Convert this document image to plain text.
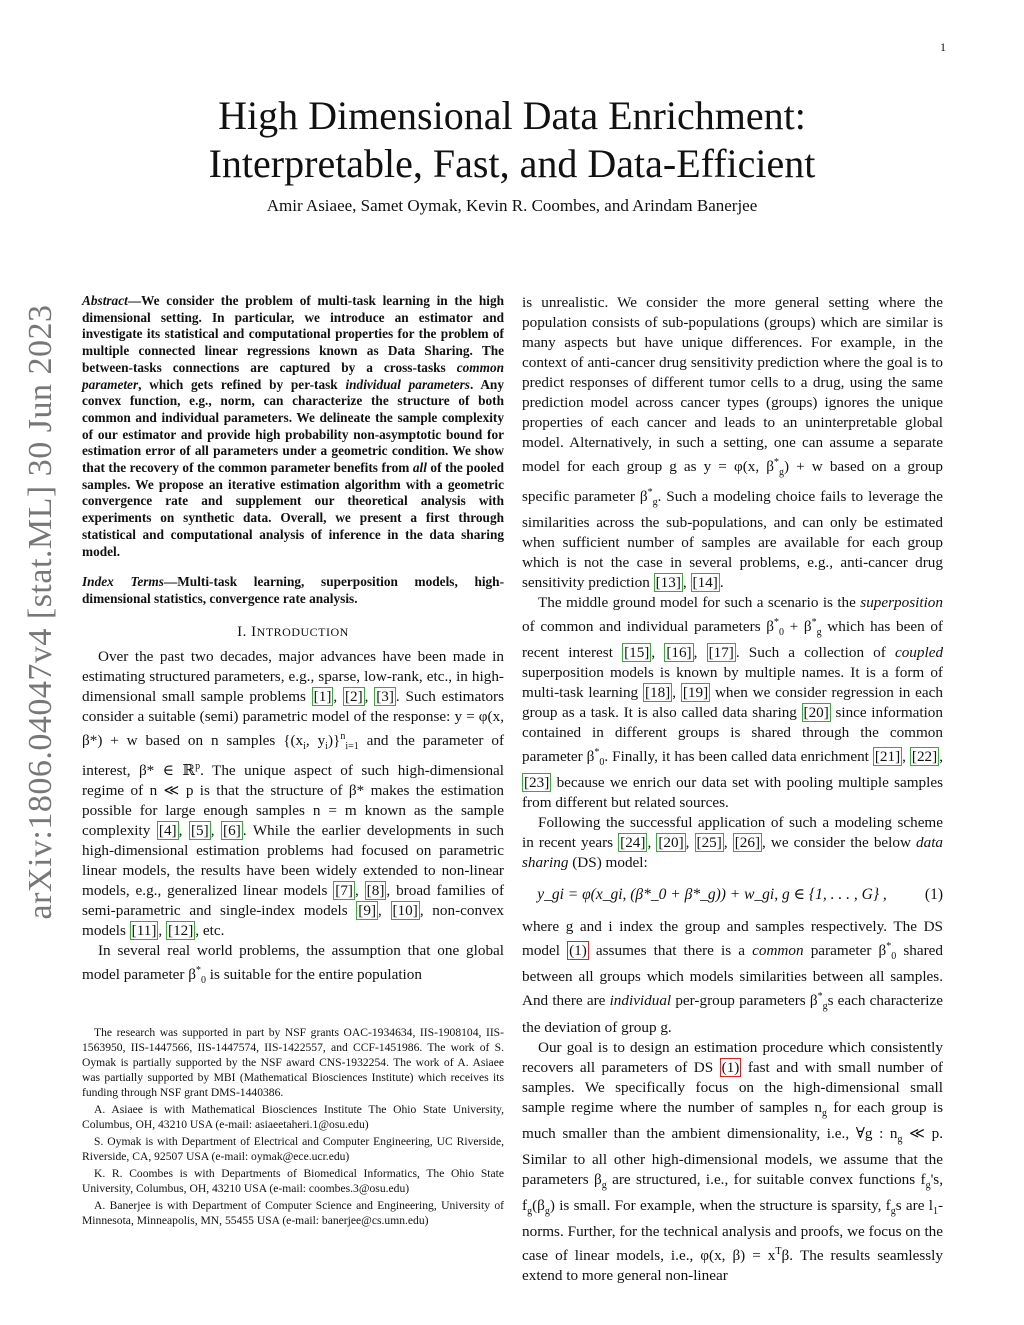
1
arXiv:1806.04047v4 [stat.ML] 30 Jun 2023
High Dimensional Data Enrichment:
Interpretable, Fast, and Data-Efficient
Amir Asiaee, Samet Oymak, Kevin R. Coombes, and Arindam Banerjee
Abstract—We consider the problem of multi-task learning in the high dimensional setting. In particular, we introduce an estimator and investigate its statistical and computational properties for the problem of multiple connected linear regressions known as Data Sharing. The between-tasks connections are captured by a cross-tasks common parameter, which gets refined by per-task individual parameters. Any convex function, e.g., norm, can characterize the structure of both common and individual parameters. We delineate the sample complexity of our estimator and provide high probability non-asymptotic bound for estimation error of all parameters under a geometric condition. We show that the recovery of the common parameter benefits from all of the pooled samples. We propose an iterative estimation algorithm with a geometric convergence rate and supplement our theoretical analysis with experiments on synthetic data. Overall, we present a first through statistical and computational analysis of inference in the data sharing model.
Index Terms—Multi-task learning, superposition models, high-dimensional statistics, convergence rate analysis.
I. INTRODUCTION

Over the past two decades, major advances have been made in estimating structured parameters, e.g., sparse, low-rank, etc., in high-dimensional small sample problems [1] , [2] , [3] . Such estimators consider a suitable (semi) parametric model of the response: y = φ(x, β*) + w based on n samples {($x_i$, $y_i)\}^n_{i=1}$ and the parameter of interest, β* ∈ ℝ$^p$. The unique aspect of such high-dimensional regime of n ≪ p is that the structure of β* makes the estimation possible for large enough samples n = m known as the sample complexity [4] , [5] , [6] . While the earlier developments in such high-dimensional estimation problems had focused on parametric linear models, the results have been widely extended to non-linear models, e.g., generalized linear models [7] , [8] , broad families of semi-parametric and single-index models [9] , [10] , non-convex models [11] , [12] , etc.

In several real world problems, the assumption that one global model parameter $\beta^*_0$ is suitable for the entire population

The research was supported in part by NSF grants OAC-1934634, IIS-1908104, IIS-1563950, IIS-1447566, IIS-1447574, IIS-1422557, and CCF-1451986. The work of S. Oymak is partially supported by the NSF award CNS-1932254. The work of A. Asiaee was partially supported by MBI (Mathematical Biosciences Institute) which receives its funding through NSF grant DMS-1440386.

A. Asiaee is with Mathematical Biosciences Institute The Ohio State University, Columbus, OH, 43210 USA (e-mail: asiaeetaheri.1@osu.edu)

S. Oymak is with Department of Electrical and Computer Engineering, UC Riverside, Riverside, CA, 92507 USA (e-mail: oymak@ece.ucr.edu)

K. R. Coombes is with Departments of Biomedical Informatics, The Ohio State University, Columbus, OH, 43210 USA (e-mail: coombes.3@osu.edu)

A. Banerjee is with Department of Computer Science and Engineering, University of Minnesota, Minneapolis, MN, 55455 USA (e-mail: banerjee@cs.umn.edu)

is unrealistic. We consider the more general setting where the population consists of sub-populations (groups) which are similar is many aspects but have unique differences. For example, in the context of anti-cancer drug sensitivity prediction where the goal is to predict responses of different tumor cells to a drug, using the same prediction model across cancer types (groups) ignores the unique properties of each cancer and leads to an uninterpretable global model. Alternatively, in such a setting, one can assume a separate model for each group g as y = φ(x, $\beta^*_g) + w$ based on a group specific parameter $\beta^*_g$. Such a modeling choice fails to leverage the similarities across the sub-populations, and can only be estimated when sufficient number of samples are available for each group which is not the case in several problems, e.g., anti-cancer drug sensitivity prediction [13] , [14] .

The middle ground model for such a scenario is the superposition of common and individual parameters $\beta^*_0 + \beta^*_g$ which has been of recent interest [15] , [16] , [17] . Such a collection of coupled superposition models is known by multiple names. It is a form of multi-task learning [18] , [19] when we consider regression in each group as a task. It is also called data sharing [20] since information contained in different groups is shared through the common parameter $\beta^*_0$. Finally, it has been called data enrichment [21] , [22] , [23] because we enrich our data set with pooling multiple samples from different but related sources.

Following the successful application of such a modeling scheme in recent years [24] , [20] , [25] , [26] , we consider the below data sharing (DS) model:

y_gi = φ(x_gi, (β*_0 + β*_g)) + w_gi, g ∈ {1, . . . , G} ,	(1)

where g and i index the group and samples respectively. The DS model (1) assumes that there is a common parameter $\beta^*_0$ shared between all groups which models similarities between all samples. And there are individual per-group parameters $\beta^*_gs$ each characterize the deviation of group g.

Our goal is to design an estimation procedure which consistently recovers all parameters of DS (1) fast and with small number of samples. We specifically focus on the high-dimensional small sample regime where the number of samples $n_g$ for each group is much smaller than the ambient dimensionality, i.e., ∀g : $n_g$ ≪ p. Similar to all other high-dimensional models, we assume that the parameters $\beta_g$ are structured, i.e., for suitable convex functions $f_g's$, $f_g(\beta_g)$ is small. For example, when the structure is sparsity, $f_gs$ are $l_1$-norms. Further, for the technical analysis and proofs, we focus on the case of linear models, i.e., φ(x, $\beta) = x^T\beta$. The results seamlessly extend to more general non-linear
